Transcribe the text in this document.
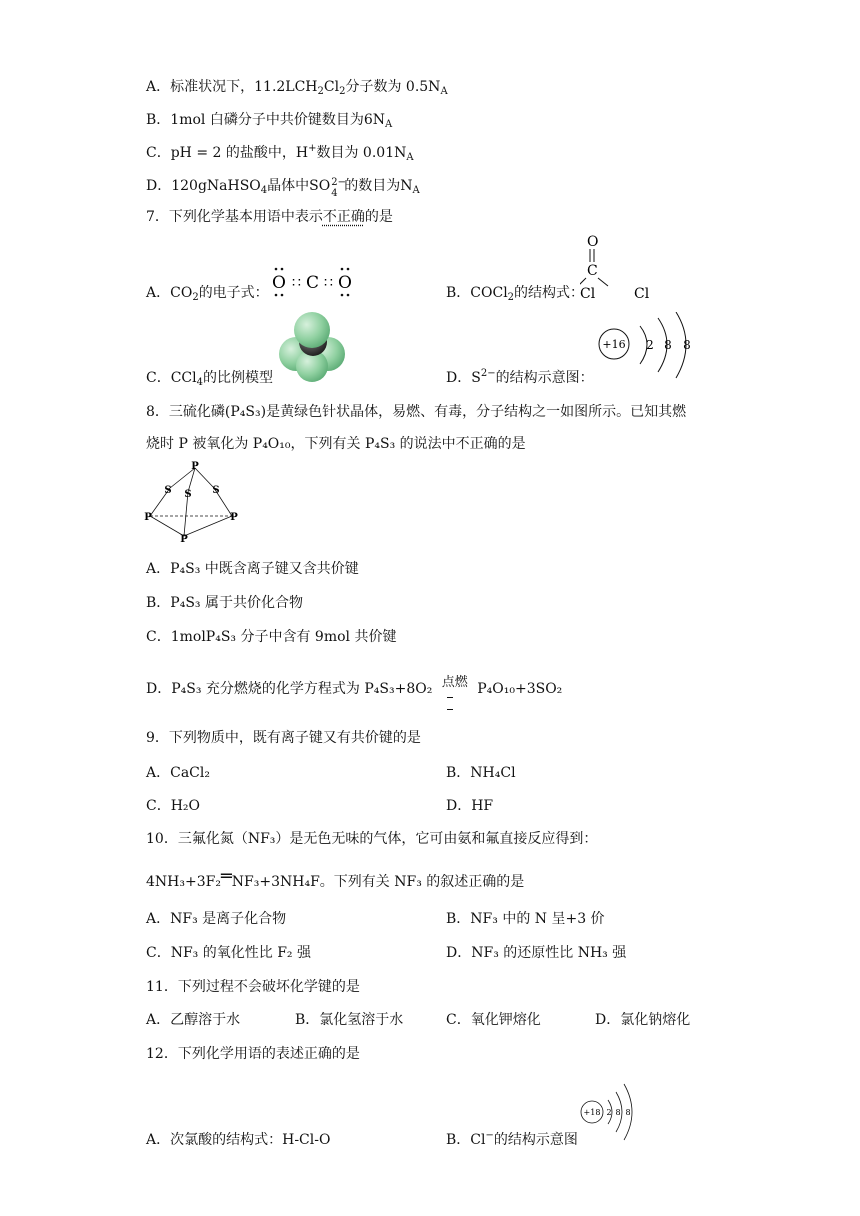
A．标准状况下，$11.2LCH_2Cl_2$分子数为 $0.5N_A$
B．1mol 白磷分子中共价键数目为$6N_A$
C．pH = 2 的盐酸中，H+数目为 $0.01N_A$
D．120gNaHSO$_4$晶体中SO 2−
4 的数目为$N_A$
7．下列化学基本用语中表示不正确的是
A．$CO_2$的电子式： O ∷ C ∷ O	B．COCl$_2$的结构式：
O
C
Cl	Cl
C．CCl$_4$的比例模型	D．$S^{2-}$的结构示意图：
+16 2 8 8
8．三硫化磷(P₄S₃)是黄绿色针状晶体，易燃、有毒，分子结构之一如图所示。已知其燃
烧时 P 被氧化为 P₄O₁₀，下列有关 P₄S₃ 的说法中不正确的是
P
S S S
P	P
P
A．P₄S₃ 中既含离子键又含共价键
B．P₄S₃ 属于共价化合物
C．1molP₄S₃ 分子中含有 9mol 共价键
D．P₄S₃ 充分燃烧的化学方程式为 P₄S₃+8O₂ 点燃 P₄O₁₀+3SO₂
9．下列物质中，既有离子键又有共价键的是
A．CaCl₂	B．NH₄Cl
C．H₂O	D．HF
10．三氟化氮（NF₃）是无色无味的气体，它可由氨和氟直接反应得到：
4NH₃+3F₂═NF₃+3NH₄F。下列有关 NF₃ 的叙述正确的是
A．NF₃ 是离子化合物	B．NF₃ 中的 N 呈+3 价
C．NF₃ 的氧化性比 F₂ 强	D．NF₃ 的还原性比 NH₃ 强
11．下列过程不会破坏化学键的是
A．乙醇溶于水	B．氯化氢溶于水	C．氧化钾熔化	D．氯化钠熔化
12．下列化学用语的表述正确的是
A．次氯酸的结构式：H-Cl-O	B．Cl−的结构示意图
+18 2 8 8
